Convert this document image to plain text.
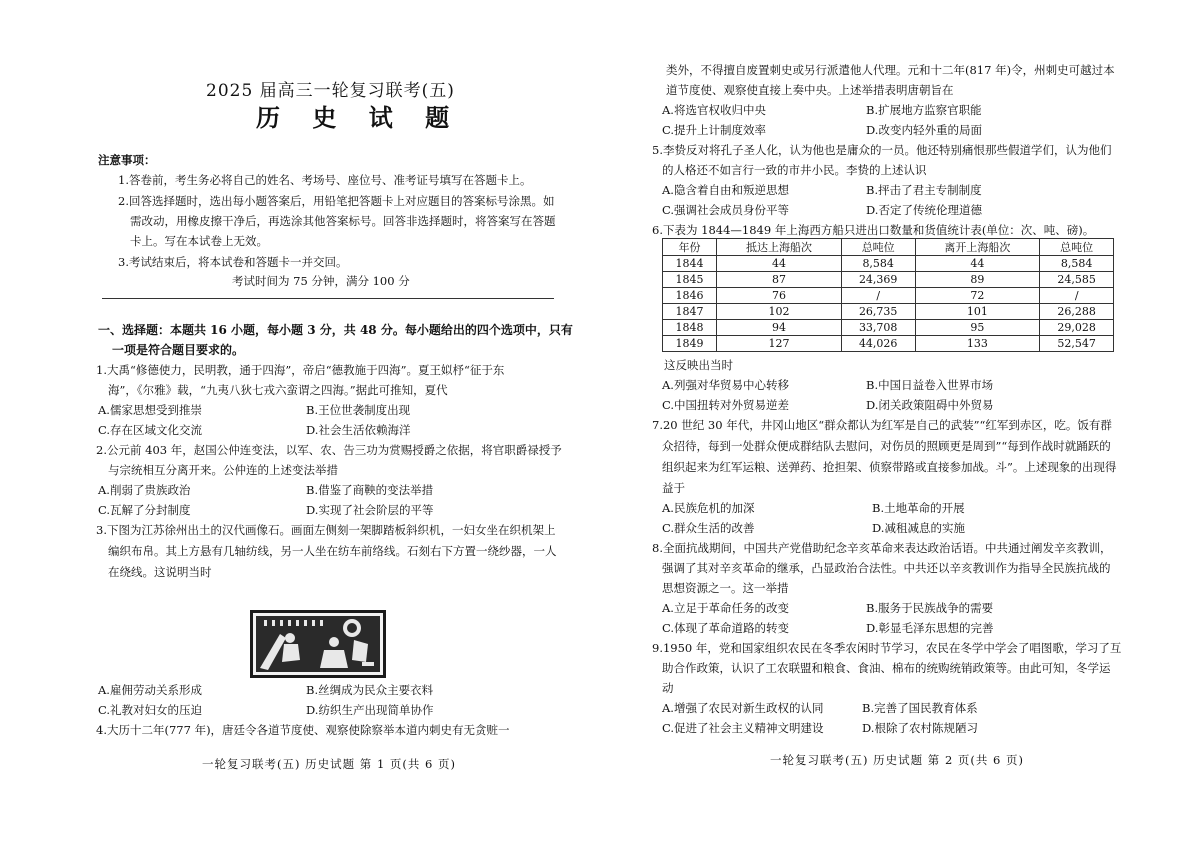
2025 届高三一轮复习联考(五)
历 史 试 题
注意事项：
1.答卷前，考生务必将自己的姓名、考场号、座位号、准考证号填写在答题卡上。
2.回答选择题时，选出每小题答案后，用铅笔把答题卡上对应题目的答案标号涂黑。如
需改动，用橡皮擦干净后，再选涂其他答案标号。回答非选择题时，将答案写在答题
卡上。写在本试卷上无效。
3.考试结束后，将本试卷和答题卡一并交回。
考试时间为 75 分钟，满分 100 分
一、选择题：本题共 16 小题，每小题 3 分，共 48 分。每小题给出的四个选项中，只有
一项是符合题目要求的。
1.大禹“修德使力，民明教，通于四海”，帝启“德教施于四海”。夏王姒杼“征于东
海”，《尔雅》载，“九夷八狄七戎六蛮谓之四海。”据此可推知，夏代
A.儒家思想受到推崇	B.王位世袭制度出现
C.存在区域文化交流	D.社会生活依赖海洋
2.公元前 403 年，赵国公仲连变法，以军、农、告三功为赏赐授爵之依据，将官职爵禄授予
与宗统相互分离开来。公仲连的上述变法举措
A.削弱了贵族政治	B.借鉴了商鞅的变法举措
C.瓦解了分封制度	D.实现了社会阶层的平等
3.下图为江苏徐州出土的汉代画像石。画面左侧刻一架脚踏板斜织机，一妇女坐在织机架上
编织布帛。其上方悬有几轴纺线，另一人坐在纺车前络线。石刻右下方置一绕纱器，一人
在绕线。这说明当时
A.雇佣劳动关系形成	B.丝绸成为民众主要衣料
C.礼教对妇女的压迫	D.纺织生产出现简单协作
4.大历十二年(777 年)，唐廷令各道节度使、观察使除察举本道内刺史有无贪赃一
一轮复习联考(五) 历史试题 第 1 页(共 6 页)
类外，不得擅自废置刺史或另行派遣他人代理。元和十二年(817 年)令，州刺史可越过本
道节度使、观察使直接上奏中央。上述举措表明唐朝旨在
A.将选官权收归中央	B.扩展地方监察官职能
C.提升上计制度效率	D.改变内轻外重的局面
5.李贽反对将孔子圣人化，认为他也是庸众的一员。他还特别痛恨那些假道学们，认为他们
的人格还不如言行一致的市井小民。李贽的上述认识
A.隐含着自由和叛逆思想	B.抨击了君主专制制度
C.强调社会成员身份平等	D.否定了传统伦理道德
6.下表为 1844—1849 年上海西方船只进出口数量和货值统计表(单位：次、吨、磅)。
年份	抵达上海船次	总吨位	离开上海船次	总吨位
1844	44	8,584	44	8,584
1845	87	24,369	89	24,585
1846	76	/	72	/
1847	102	26,735	101	26,288
1848	94	33,708	95	29,028
1849	127	44,026	133	52,547
这反映出当时
A.列强对华贸易中心转移	B.中国日益卷入世界市场
C.中国扭转对外贸易逆差	D.闭关政策阻碍中外贸易
7.20 世纪 30 年代，井冈山地区“群众都认为红军是自己的武装”“红军到赤区，吃。饭有群
众招待，每到一处群众便成群结队去慰问，对伤员的照顾更是周到”“每到作战时就踊跃的
组织起来为红军运粮、送弹药、抢担架、侦察带路或直接参加战。斗”。上述现象的出现得
益于
A.民族危机的加深	B.土地革命的开展
C.群众生活的改善	D.减租减息的实施
8.全面抗战期间，中国共产党借助纪念辛亥革命来表达政治话语。中共通过阐发辛亥教训，
强调了其对辛亥革命的继承，凸显政治合法性。中共还以辛亥教训作为指导全民族抗战的
思想资源之一。这一举措
A.立足于革命任务的改变	B.服务于民族战争的需要
C.体现了革命道路的转变	D.彰显毛泽东思想的完善
9.1950 年，党和国家组织农民在冬季农闲时节学习，农民在冬学中学会了唱图歌，学习了互
助合作政策，认识了工农联盟和粮食、食油、棉布的统购统销政策等。由此可知，冬学运
动
A.增强了农民对新生政权的认同	B.完善了国民教育体系
C.促进了社会主义精神文明建设	D.根除了农村陈规陋习
一轮复习联考(五) 历史试题 第 2 页(共 6 页)
